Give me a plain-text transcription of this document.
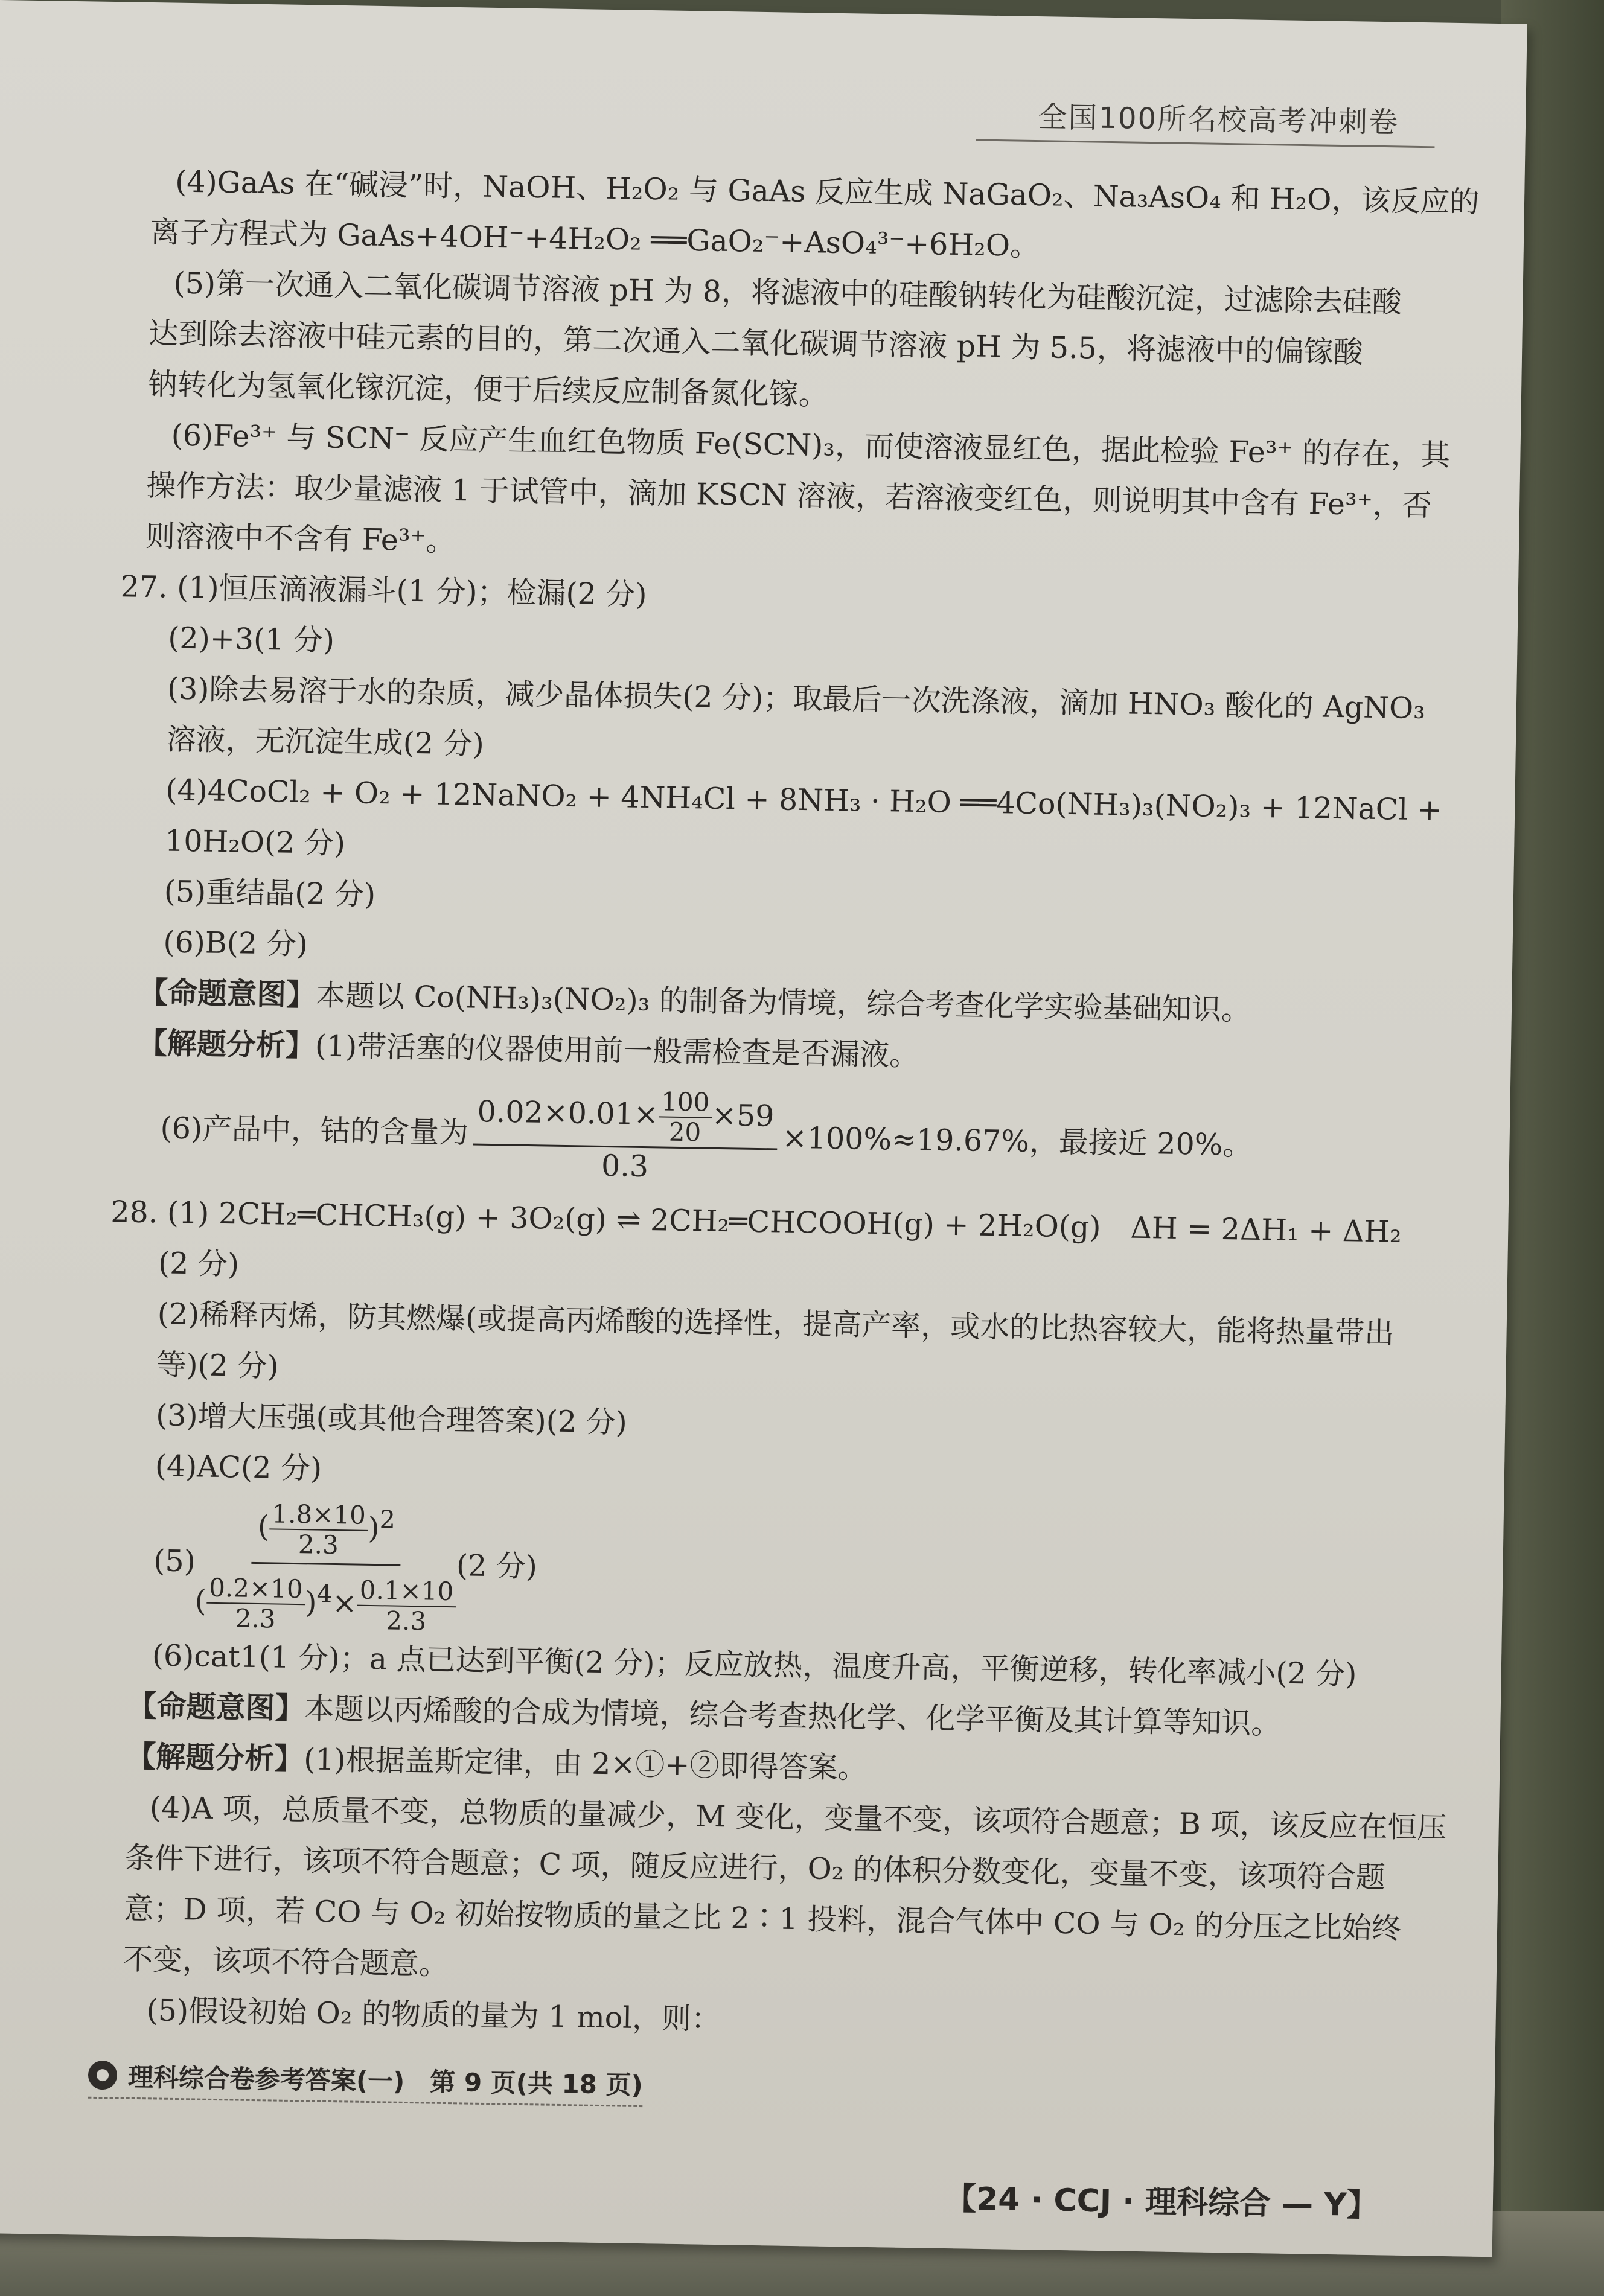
全国100所名校高考冲刺卷

(4)GaAs 在“碱浸”时，NaOH、H₂O₂ 与 GaAs 反应生成 NaGaO₂、Na₃AsO₄ 和 H₂O，该反应的

离子方程式为 GaAs+4OH⁻+4H₂O₂ ══GaO₂⁻+AsO₄³⁻+6H₂O。

(5)第一次通入二氧化碳调节溶液 pH 为 8，将滤液中的硅酸钠转化为硅酸沉淀，过滤除去硅酸

达到除去溶液中硅元素的目的，第二次通入二氧化碳调节溶液 pH 为 5.5，将滤液中的偏镓酸

钠转化为氢氧化镓沉淀，便于后续反应制备氮化镓。

(6)Fe³⁺ 与 SCN⁻ 反应产生血红色物质 Fe(SCN)₃，而使溶液显红色，据此检验 Fe³⁺ 的存在，其

操作方法：取少量滤液 1 于试管中，滴加 KSCN 溶液，若溶液变红色，则说明其中含有 Fe³⁺，否

则溶液中不含有 Fe³⁺。

27. (1)恒压滴液漏斗(1 分)；检漏(2 分)

(2)+3(1 分)

(3)除去易溶于水的杂质，减少晶体损失(2 分)；取最后一次洗涤液，滴加 HNO₃ 酸化的 AgNO₃

溶液，无沉淀生成(2 分)

(4)4CoCl₂ + O₂ + 12NaNO₂ + 4NH₄Cl + 8NH₃ · H₂O ══4Co(NH₃)₃(NO₂)₃ + 12NaCl +

10H₂O(2 分)

(5)重结晶(2 分)

(6)B(2 分)

【命题意图】本题以 Co(NH₃)₃(NO₂)₃ 的制备为情境，综合考查化学实验基础知识。

【解题分析】(1)带活塞的仪器使用前一般需检查是否漏液。

(6)产品中，钴的含量为 0.02×0.01×
$\frac{100}{20}$
×59
0.3 ×100%≈19.67%，最接近 20%。

28. (1) 2CH₂═CHCH₃(g) + 3O₂(g) ⇌ 2CH₂═CHCOOH(g) + 2H₂O(g)　ΔH = 2ΔH₁ + ΔH₂

(2 分)

(2)稀释丙烯，防其燃爆(或提高丙烯酸的选择性，提高产率，或水的比热容较大，能将热量带出

等)(2 分)

(3)增大压强(或其他合理答案)(2 分)

(4)AC(2 分)

(5)
(
$\frac{1.8\times 10}{2.3}$
)$^2$
(
$\frac{0.2\times 10}{2.3}$
)$^4$×
$\frac{0.1\times 10}{2.3}$
(2 分)

(6)cat1(1 分)；a 点已达到平衡(2 分)；反应放热，温度升高，平衡逆移，转化率减小(2 分)

【命题意图】本题以丙烯酸的合成为情境，综合考查热化学、化学平衡及其计算等知识。

【解题分析】(1)根据盖斯定律，由 2×①+②即得答案。

(4)A 项，总质量不变，总物质的量减少，M 变化，变量不变，该项符合题意；B 项，该反应在恒压

条件下进行，该项不符合题意；C 项，随反应进行，O₂ 的体积分数变化，变量不变，该项符合题

意；D 项，若 CO 与 O₂ 初始按物质的量之比 2∶1 投料，混合气体中 CO 与 O₂ 的分压之比始终

不变，该项不符合题意。

(5)假设初始 O₂ 的物质的量为 1 mol，则：

理科综合卷参考答案(一)　第 9 页(共 18 页)
【24 · CCJ · 理科综合 — Y】
